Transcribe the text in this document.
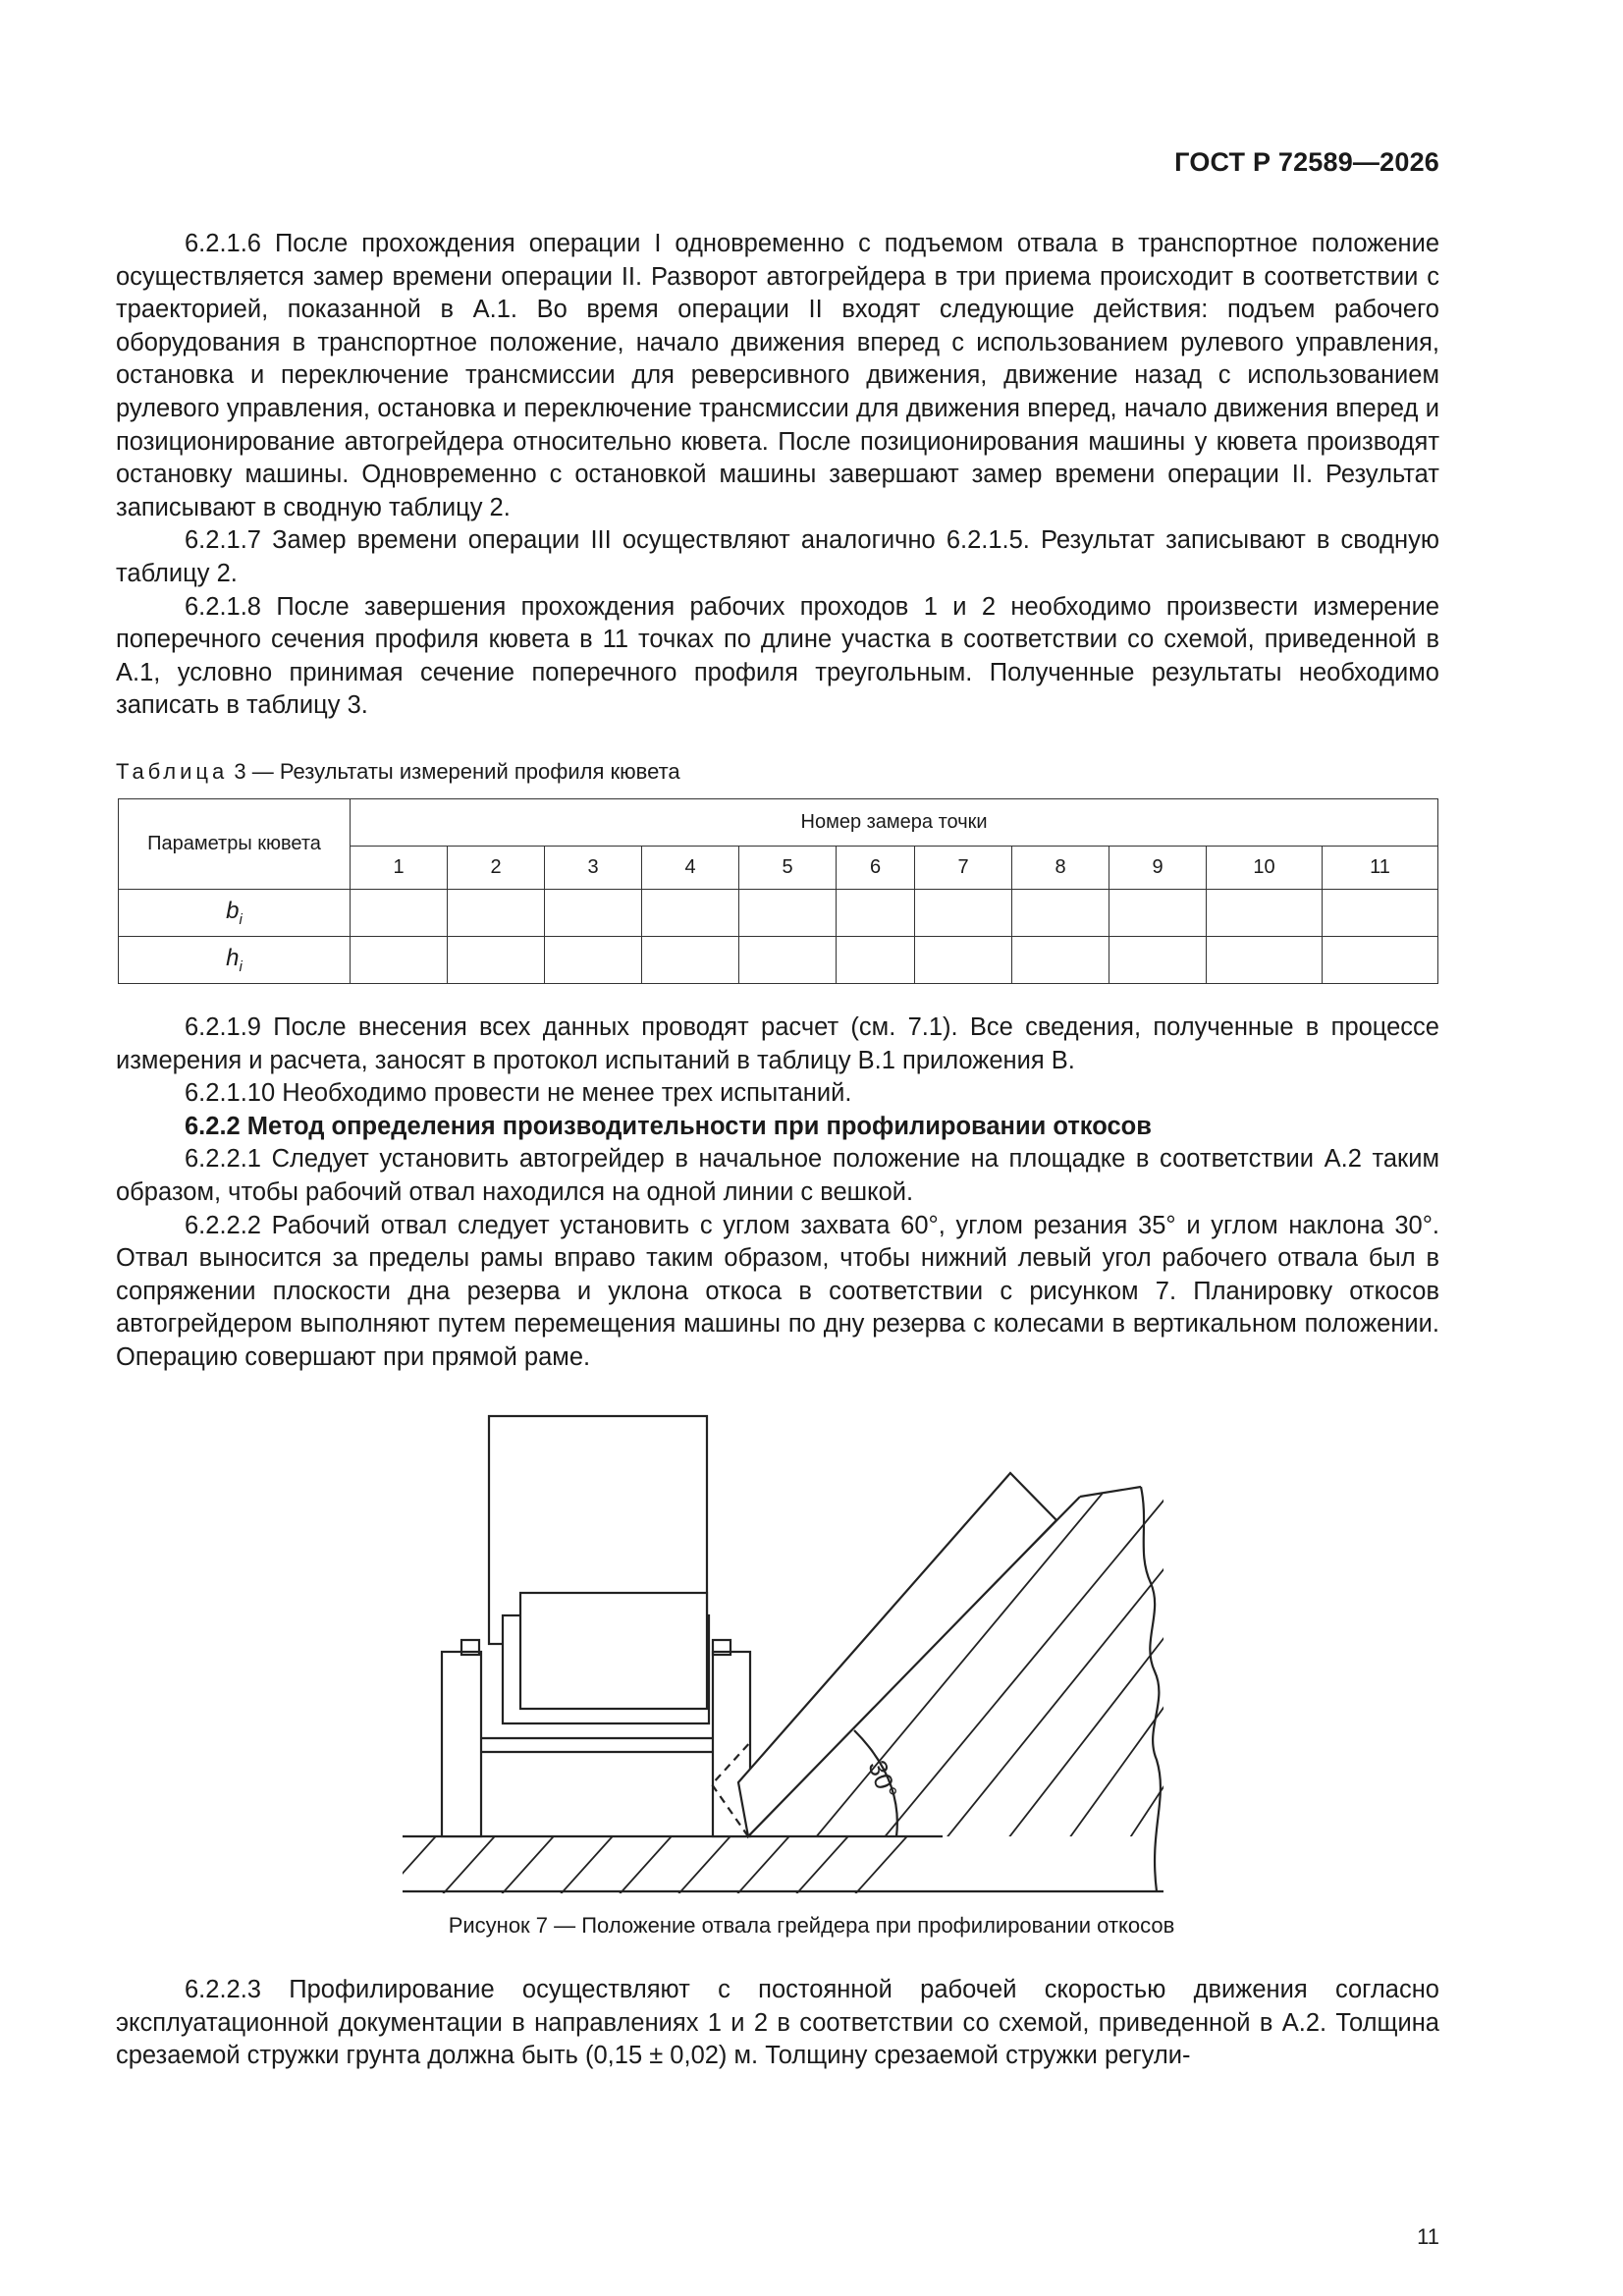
ГОСТ Р 72589—2026

6.2.1.6 После прохождения операции I одновременно с подъемом отвала в транспортное положение осуществляется замер времени операции II. Разворот автогрейдера в три приема происходит в соответствии с траекторией, показанной в А.1. Во время операции II входят следующие действия: подъем рабочего оборудования в транспортное положение, начало движения вперед с использованием рулевого управления, остановка и переключение трансмиссии для реверсивного движения, движение назад с использованием рулевого управления, остановка и переключение трансмиссии для движения вперед, начало движения вперед и позиционирование автогрейдера относительно кювета. После позиционирования машины у кювета производят остановку машины. Одновременно с остановкой машины завершают замер времени операции II. Результат записывают в сводную таблицу 2.

6.2.1.7 Замер времени операции III осуществляют аналогично 6.2.1.5. Результат записывают в сводную таблицу 2.

6.2.1.8 После завершения прохождения рабочих проходов 1 и 2 необходимо произвести измерение поперечного сечения профиля кювета в 11 точках по длине участка в соответствии со схемой, приведенной в А.1, условно принимая сечение поперечного профиля треугольным. Полученные результаты необходимо записать в таблицу 3.

Таблица 3 — Результаты измерений профиля кювета
Параметры кювета	Номер замера точки										
	1	2	3	4	5	6	7	8	9	10	11
$b_i$											
$h_i$											

6.2.1.9 После внесения всех данных проводят расчет (см. 7.1). Все сведения, полученные в процессе измерения и расчета, заносят в протокол испытаний в таблицу В.1 приложения В.

6.2.1.10 Необходимо провести не менее трех испытаний.

6.2.2 Метод определения производительности при профилировании откосов

6.2.2.1 Следует установить автогрейдер в начальное положение на площадке в соответствии А.2 таким образом, чтобы рабочий отвал находился на одной линии с вешкой.

6.2.2.2 Рабочий отвал следует установить с углом захвата 60°, углом резания 35° и углом наклона 30°. Отвал выносится за пределы рамы вправо таким образом, чтобы нижний левый угол рабочего отвала был в сопряжении плоскости дна резерва и уклона откоса в соответствии с рисунком 7. Планировку откосов автогрейдером выполняют путем перемещения машины по дну резерва с колесами в вертикальном положении. Операцию совершают при прямой раме.

30°
Рисунок 7 — Положение отвала грейдера при профилировании откосов

6.2.2.3 Профилирование осуществляют с постоянной рабочей скоростью движения согласно эксплуатационной документации в направлениях 1 и 2 в соответствии со схемой, приведенной в А.2. Толщина срезаемой стружки грунта должна быть (0,15 ± 0,02) м. Толщину срезаемой стружки регули-

11
